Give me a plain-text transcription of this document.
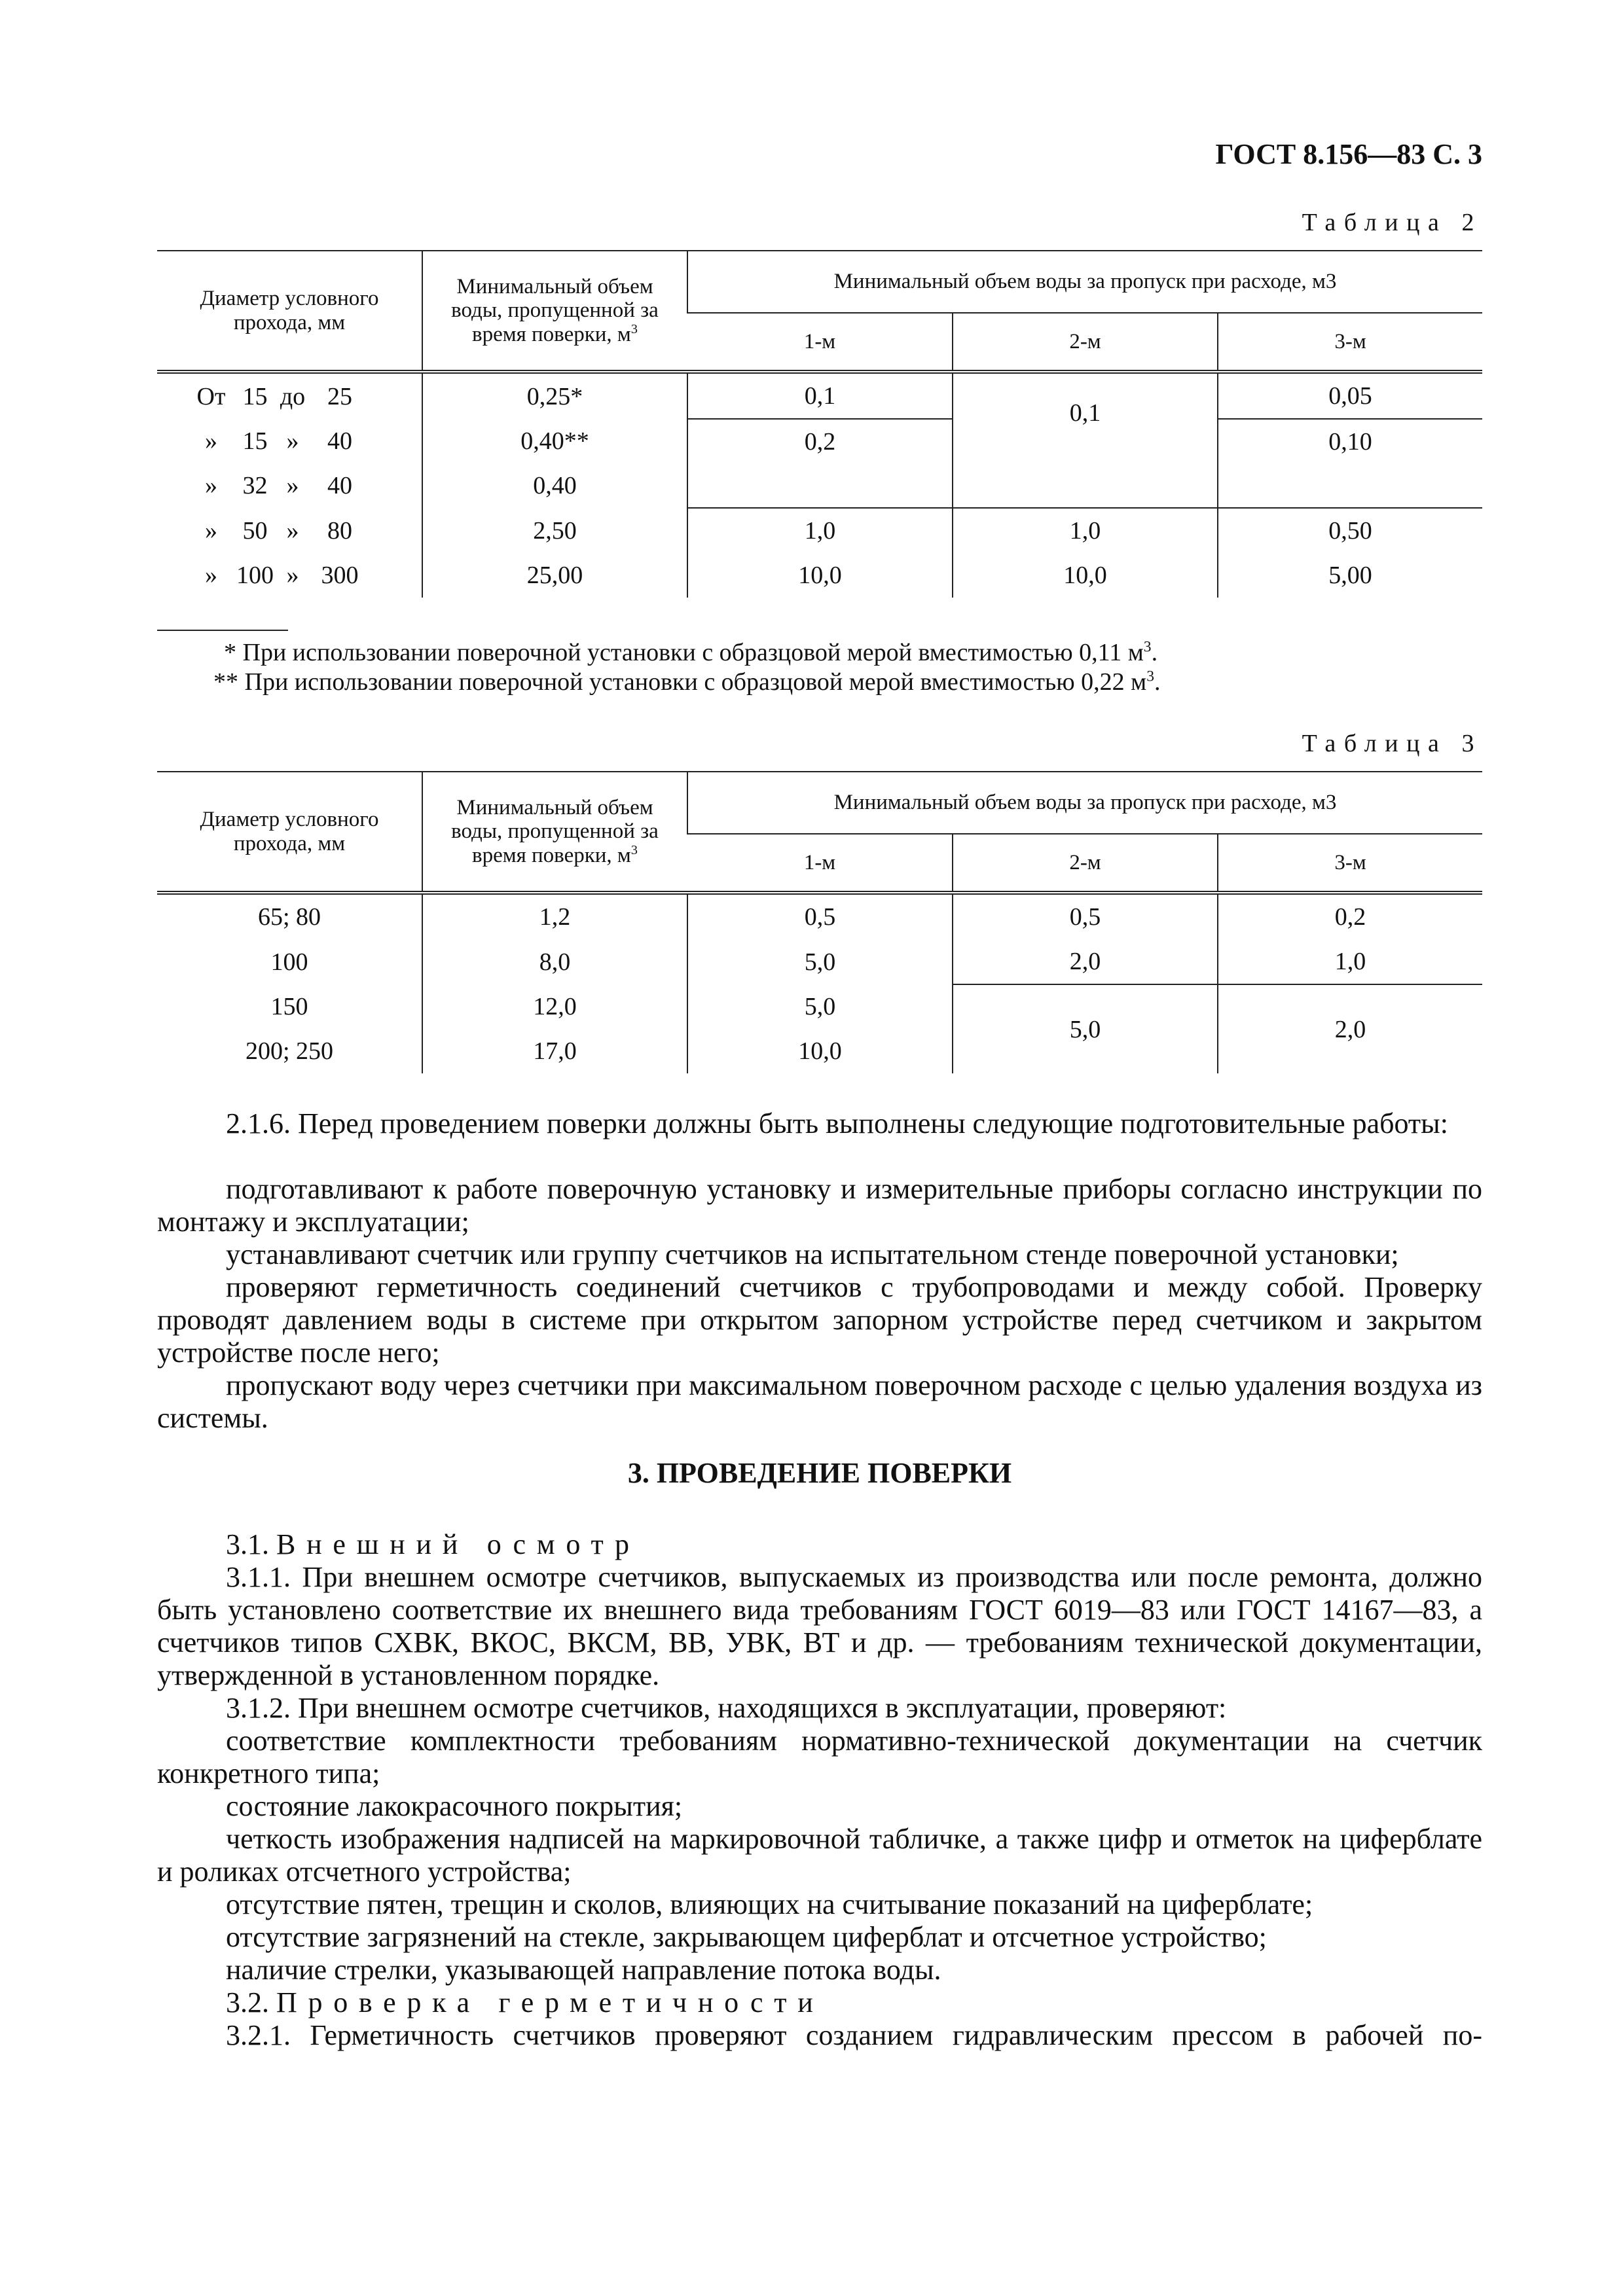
ГОСТ 8.156—83 С. 3
Таблица 2
Диаметр условного прохода, мм	Минимальный объем воды, пропущенной за время поверки, $м^3$	Минимальный объем воды за пропуск при расходе, м3		
		1-м	2-м	3-м
От 15 до 25	0,25*	0,1	0,1	0,05
» 15 » 40	0,40**	0,2		0,10
» 32 » 40	0,40			
» 50 » 80	2,50	1,0	1,0	0,50
» 100 » 300	25,00	10,0	10,0	5,00
* При использовании поверочной установки с образцовой мерой вместимостью 0,11 $м^3$.
** При использовании поверочной установки с образцовой мерой вместимостью 0,22 $м^3$.
Таблица 3
Диаметр условного прохода, мм	Минимальный объем воды, пропущенной за время поверки, $м^3$	Минимальный объем воды за пропуск при расходе, м3		
		1-м	2-м	3-м
65; 80	1,2	0,5	0,5	0,2
100	8,0	5,0	2,0	1,0
150	12,0	5,0	5,0	2,0
200; 250	17,0	10,0		

2.1.6. Перед проведением поверки должны быть выполнены следующие подготовительные работы:

подготавливают к работе поверочную установку и измерительные приборы согласно инструкции по монтажу и эксплуатации;

устанавливают счетчик или группу счетчиков на испытательном стенде поверочной установки;

проверяют герметичность соединений счетчиков с трубопроводами и между собой. Проверку проводят давлением воды в системе при открытом запорном устройстве перед счетчиком и закрытом устройстве после него;

пропускают воду через счетчики при максимальном поверочном расходе с целью удаления воздуха из системы.

3. ПРОВЕДЕНИЕ ПОВЕРКИ
3.1. Внешний осмотр

3.1.1. При внешнем осмотре счетчиков, выпускаемых из производства или после ремонта, должно быть установлено соответствие их внешнего вида требованиям ГОСТ 6019—83 или ГОСТ 14167—83, а счетчиков типов СХВК, ВКОС, ВКСМ, ВВ, УВК, ВТ и др. — требованиям технической документации, утвержденной в установленном порядке.

3.1.2. При внешнем осмотре счетчиков, находящихся в эксплуатации, проверяют:

соответствие комплектности требованиям нормативно-технической документации на счетчик конкретного типа;

состояние лакокрасочного покрытия;

четкость изображения надписей на маркировочной табличке, а также цифр и отметок на циферблате и роликах отсчетного устройства;

отсутствие пятен, трещин и сколов, влияющих на считывание показаний на циферблате;

отсутствие загрязнений на стекле, закрывающем циферблат и отсчетное устройство;

наличие стрелки, указывающей направление потока воды.

3.2. Проверка герметичности

3.2.1. Герметичность счетчиков проверяют созданием гидравлическим прессом в рабочей по-
